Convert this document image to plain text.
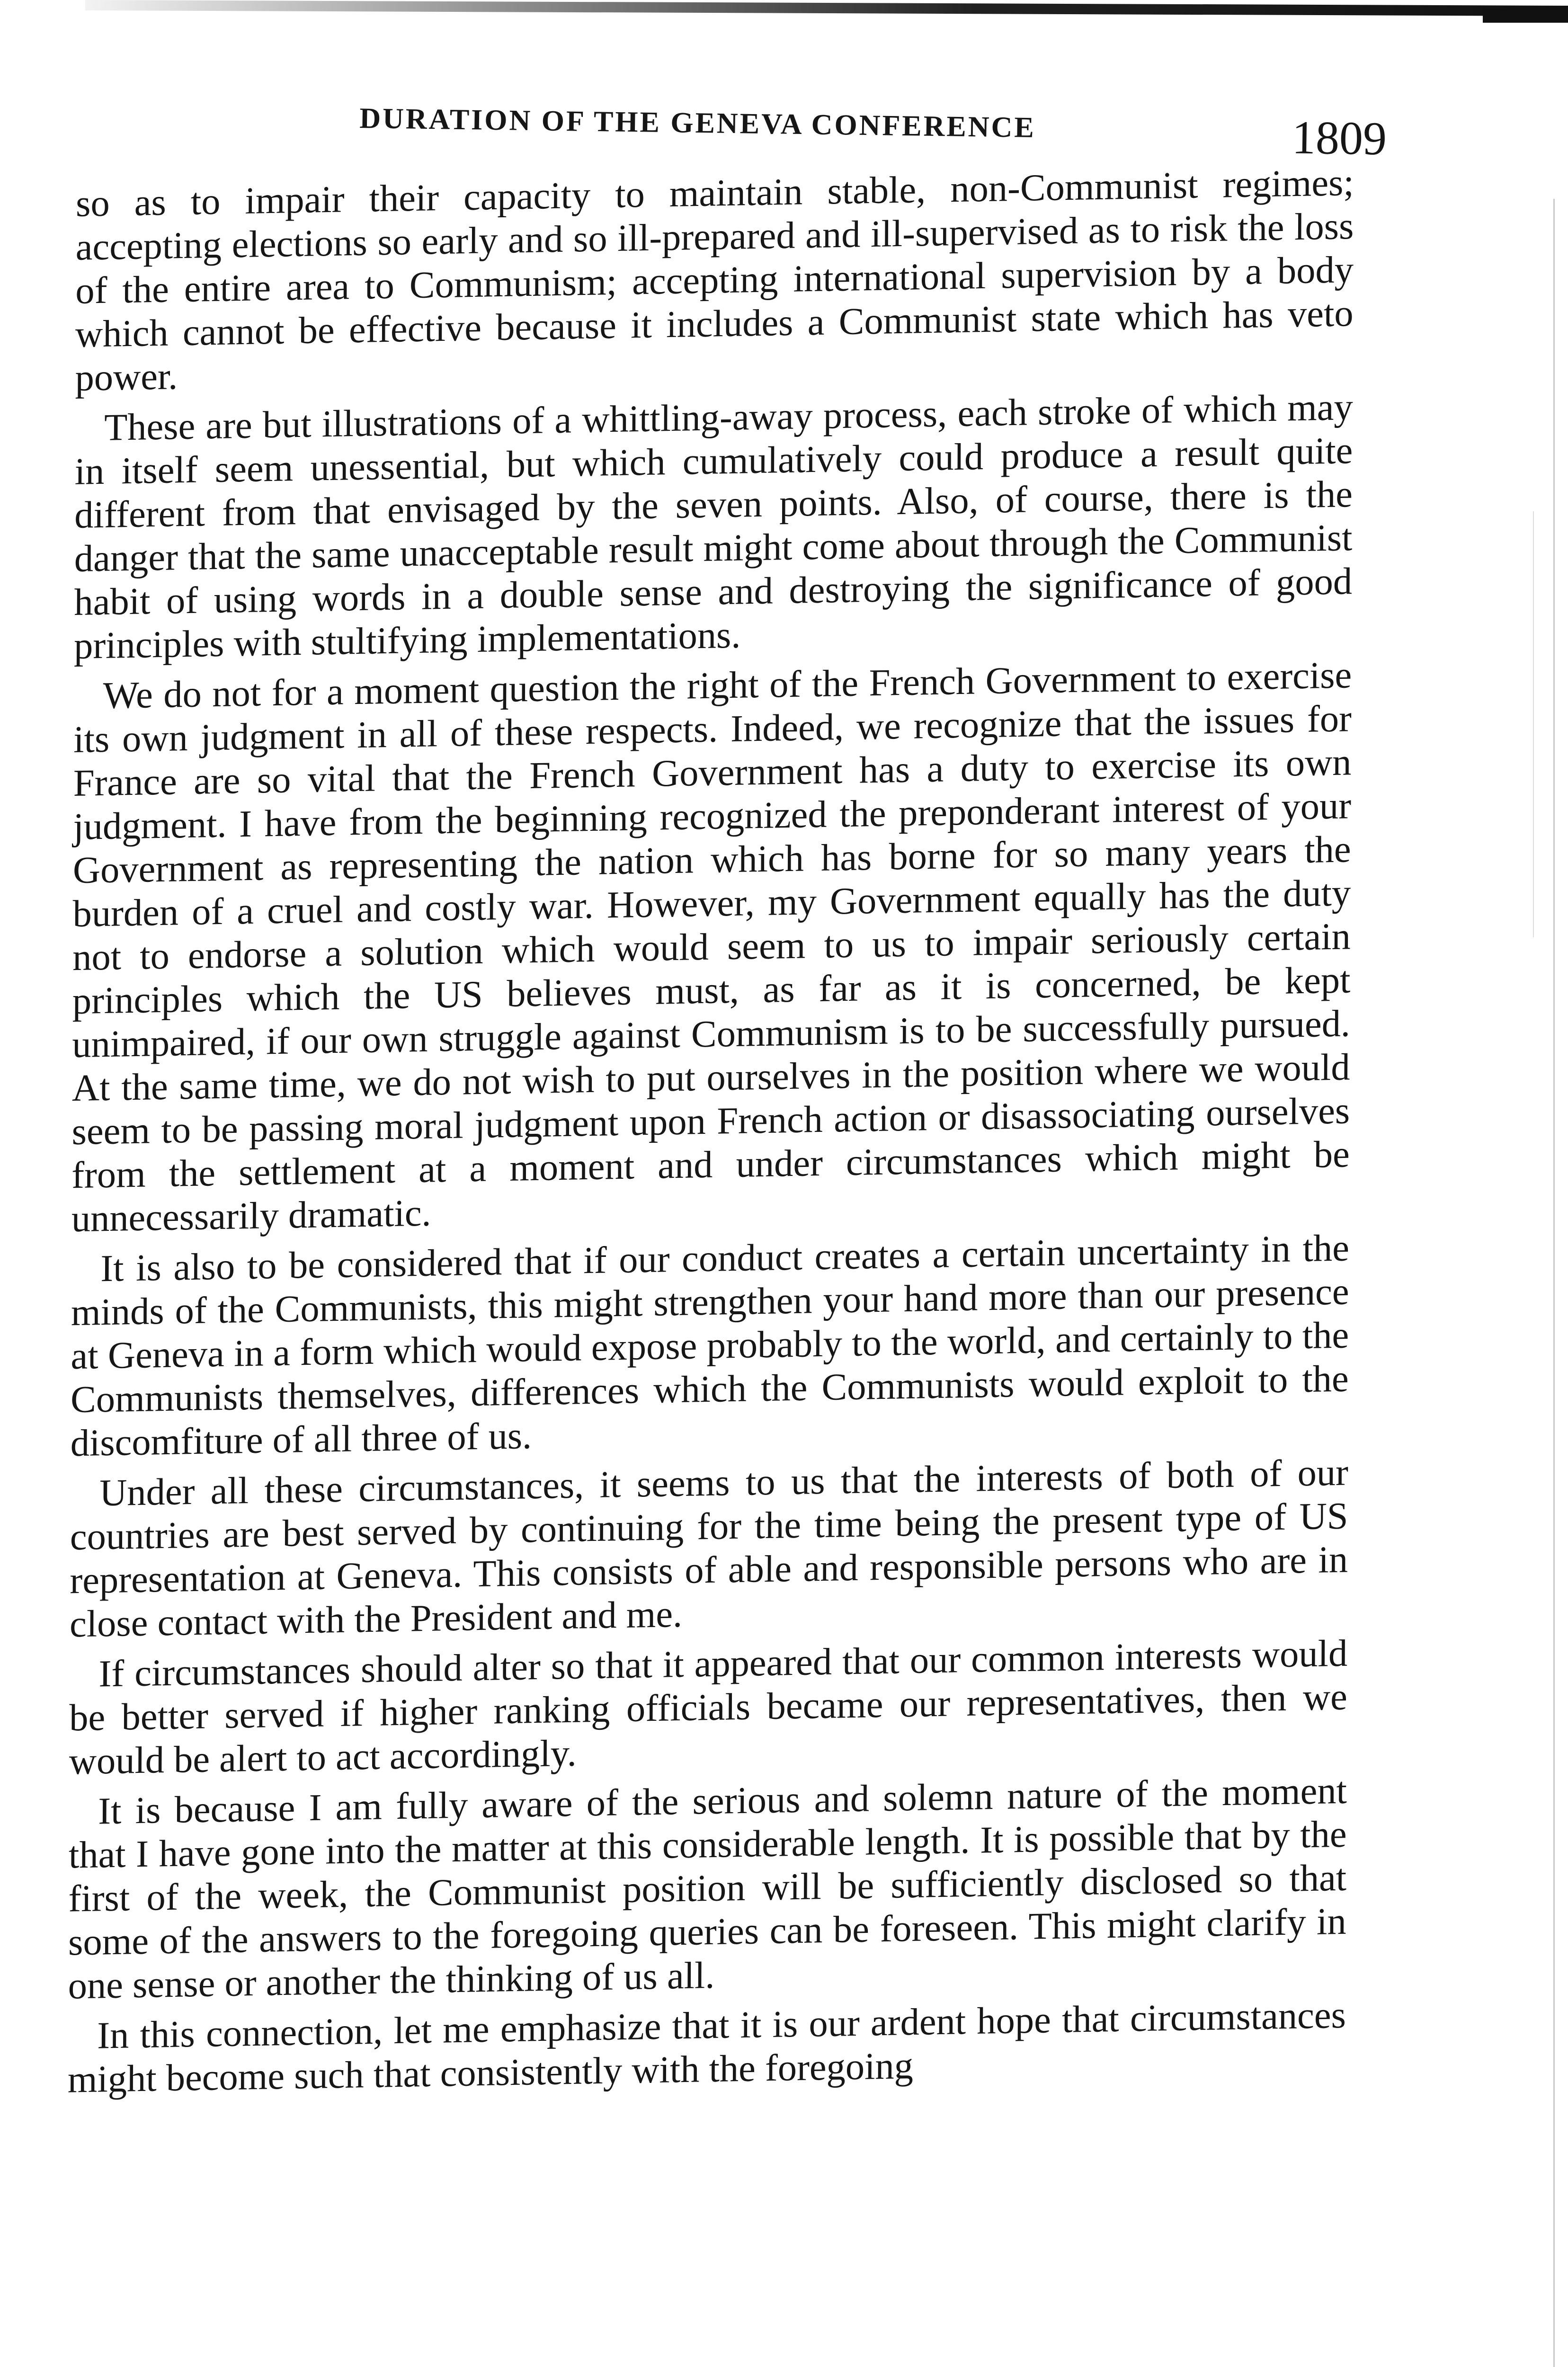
DURATION OF THE GENEVA CONFERENCE	1809

so as to impair their capacity to maintain stable, non-Communist regimes; accepting elections so early and so ill-prepared and ill-supervised as to risk the loss of the entire area to Communism; accepting international supervision by a body which cannot be effective because it includes a Communist state which has veto power.

These are but illustrations of a whittling-away process, each stroke of which may in itself seem unessential, but which cumulatively could produce a result quite different from that envisaged by the seven points. Also, of course, there is the danger that the same unacceptable result might come about through the Communist habit of using words in a double sense and destroying the significance of good principles with stultifying implementations.

We do not for a moment question the right of the French Government to exercise its own judgment in all of these respects. Indeed, we recognize that the issues for France are so vital that the French Government has a duty to exercise its own judgment. I have from the beginning recognized the preponderant interest of your Government as representing the nation which has borne for so many years the burden of a cruel and costly war. However, my Government equally has the duty not to endorse a solution which would seem to us to impair seriously certain principles which the US believes must, as far as it is concerned, be kept unimpaired, if our own struggle against Communism is to be successfully pursued. At the same time, we do not wish to put ourselves in the position where we would seem to be passing moral judgment upon French action or disassociating ourselves from the settlement at a moment and under circumstances which might be unnecessarily dramatic.

It is also to be considered that if our conduct creates a certain uncertainty in the minds of the Communists, this might strengthen your hand more than our presence at Geneva in a form which would expose probably to the world, and certainly to the Communists themselves, differences which the Communists would exploit to the discomfiture of all three of us.

Under all these circumstances, it seems to us that the interests of both of our countries are best served by continuing for the time being the present type of US representation at Geneva. This consists of able and responsible persons who are in close contact with the President and me.

If circumstances should alter so that it appeared that our common interests would be better served if higher ranking officials became our representatives, then we would be alert to act accordingly.

It is because I am fully aware of the serious and solemn nature of the moment that I have gone into the matter at this considerable length. It is possible that by the first of the week, the Communist position will be sufficiently disclosed so that some of the answers to the foregoing queries can be foreseen. This might clarify in one sense or another the thinking of us all.

In this connection, let me emphasize that it is our ardent hope that circumstances might become such that consistently with the foregoing
